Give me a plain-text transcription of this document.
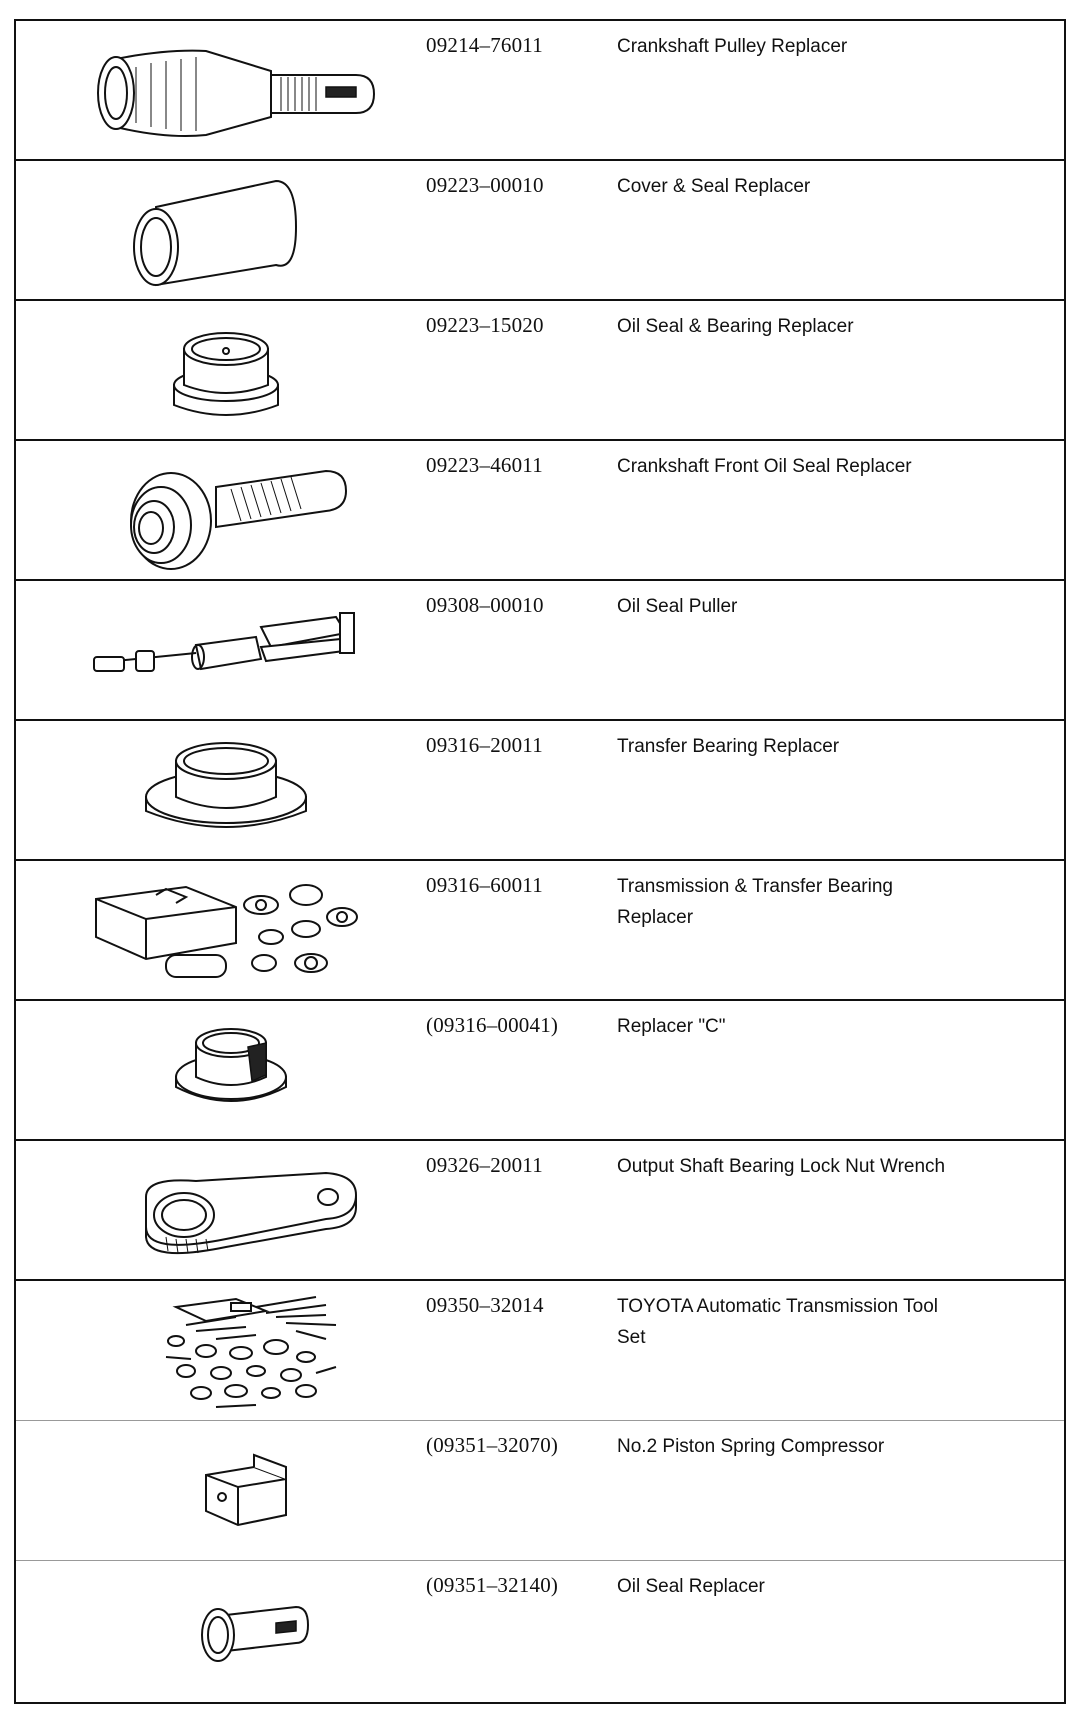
09214–76011	Crankshaft Pulley Replacer
09223–00010	Cover & Seal Replacer
09223–15020	Oil Seal & Bearing Replacer
09223–46011	Crankshaft Front Oil Seal Replacer
09308–00010	Oil Seal Puller
09316–20011	Transfer Bearing Replacer
09316–60011	Transmission & Transfer Bearing Replacer
(09316–00041)	Replacer "C"
09326–20011	Output Shaft Bearing Lock Nut Wrench
09350–32014	TOYOTA Automatic Transmission Tool Set
(09351–32070)	No.2 Piston Spring Compressor
(09351–32140)	Oil Seal Replacer
